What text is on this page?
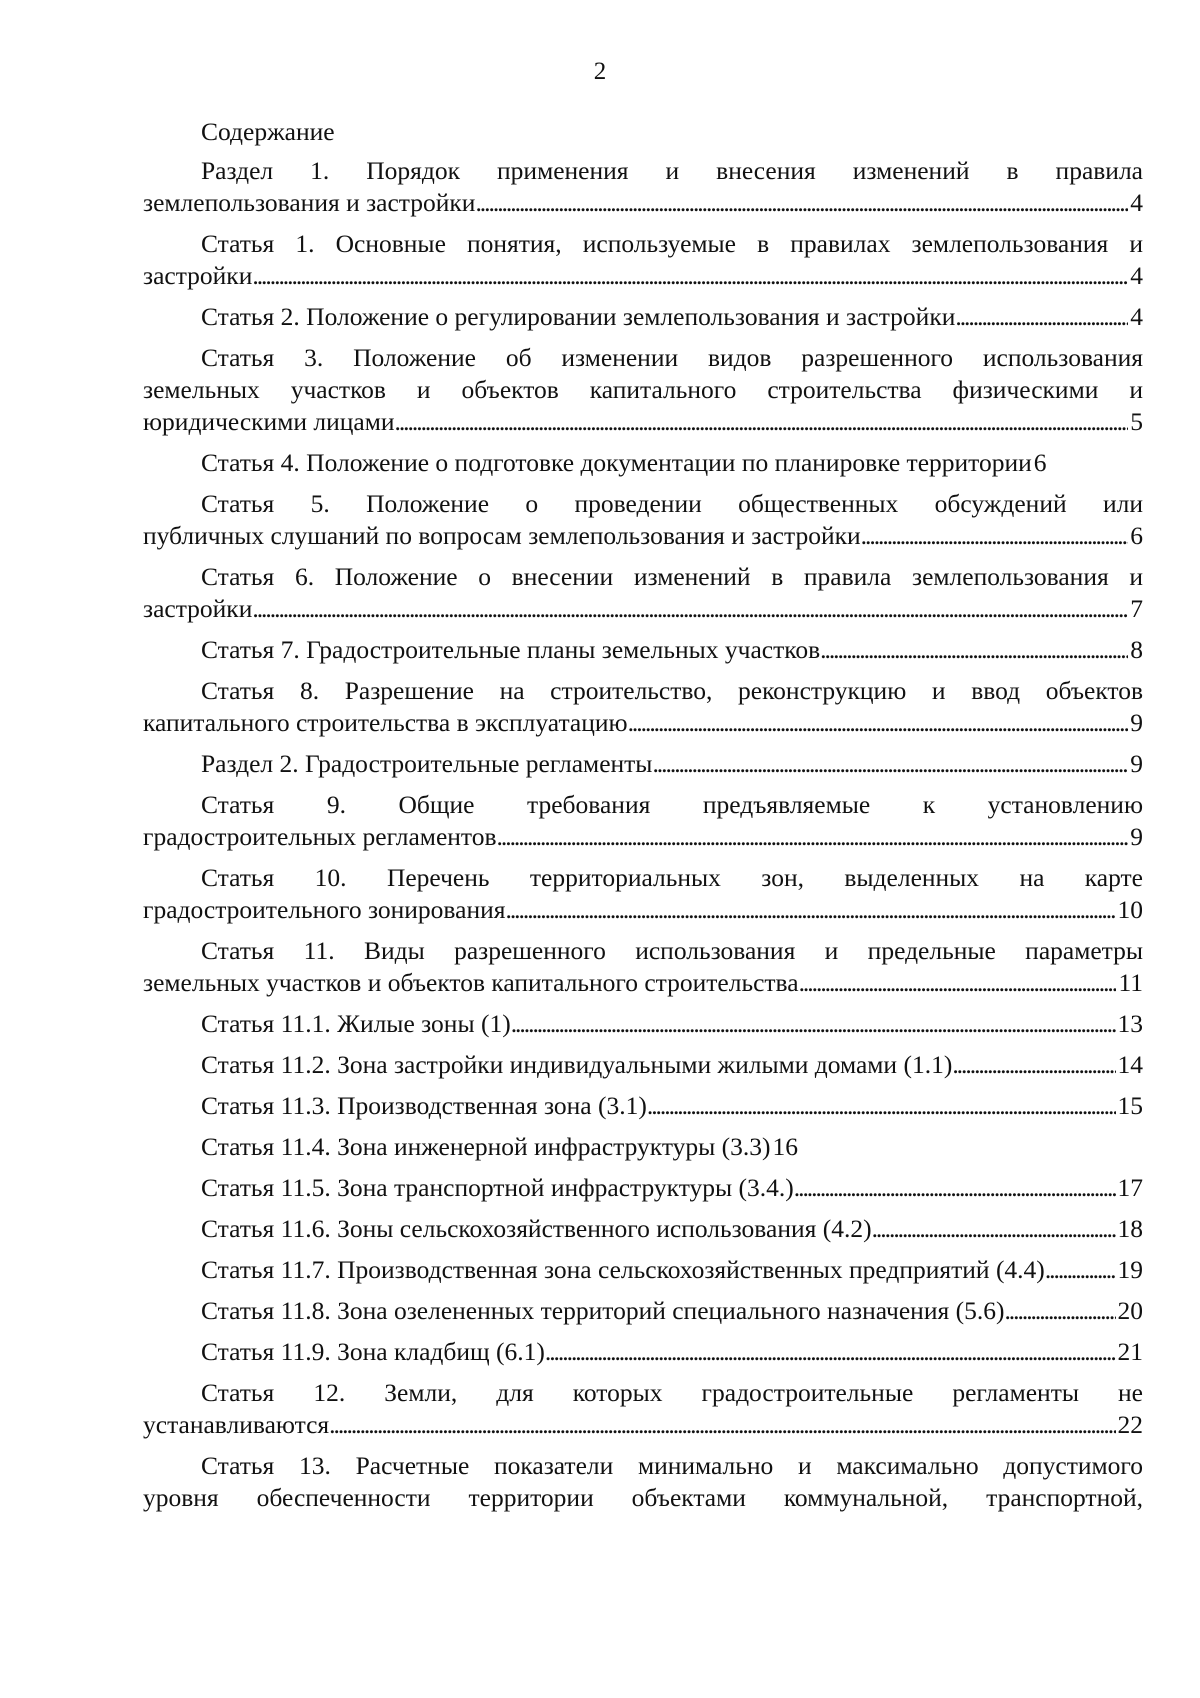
2
Содержание
Раздел 1. Порядок применения и внесения изменений в правила
землепользования и застройки . . .	4
Статья 1. Основные понятия, используемые в правилах землепользования и
застройки . . .	4
Статья 2. Положение о регулировании землепользования и застройки . . .	4
Статья 3. Положение об изменении видов разрешенного использования
земельных участков и объектов капитального строительства физическими и
юридическими лицами . . .	5
Статья 4. Положение о подготовке документации по планировке территории 6
Статья 5. Положение о проведении общественных обсуждений или
публичных слушаний по вопросам землепользования и застройки . . .	6
Статья 6. Положение о внесении изменений в правила землепользования и
застройки . . .	7
Статья 7. Градостроительные планы земельных участков . . .	8
Статья 8. Разрешение на строительство, реконструкцию и ввод объектов
капитального строительства в эксплуатацию . . .	9
Раздел 2. Градостроительные регламенты . . .	9
Статья 9. Общие требования предъявляемые к установлению
градостроительных регламентов . . .	9
Статья 10. Перечень территориальных зон, выделенных на карте
градостроительного зонирования . . .	10
Статья 11. Виды разрешенного использования и предельные параметры
земельных участков и объектов капитального строительства . . .	11
Статья 11.1. Жилые зоны (1) . . .	13
Статья 11.2. Зона застройки индивидуальными жилыми домами (1.1) . . .	14
Статья 11.3. Производственная зона (3.1) . . .	15
Статья 11.4. Зона инженерной инфраструктуры (3.3) 16
Статья 11.5. Зона транспортной инфраструктуры (3.4.) . . .	17
Статья 11.6. Зоны сельскохозяйственного использования (4.2) . . .	18
Статья 11.7. Производственная зона сельскохозяйственных предприятий (4.4) . . .	19
Статья 11.8. Зона озелененных территорий специального назначения (5.6) . . .	20
Статья 11.9. Зона кладбищ (6.1) . . .	21
Статья 12. Земли, для которых градостроительные регламенты не
устанавливаются . . .	22
Статья 13. Расчетные показатели минимально и максимально допустимого
уровня обеспеченности территории объектами коммунальной, транспортной,
